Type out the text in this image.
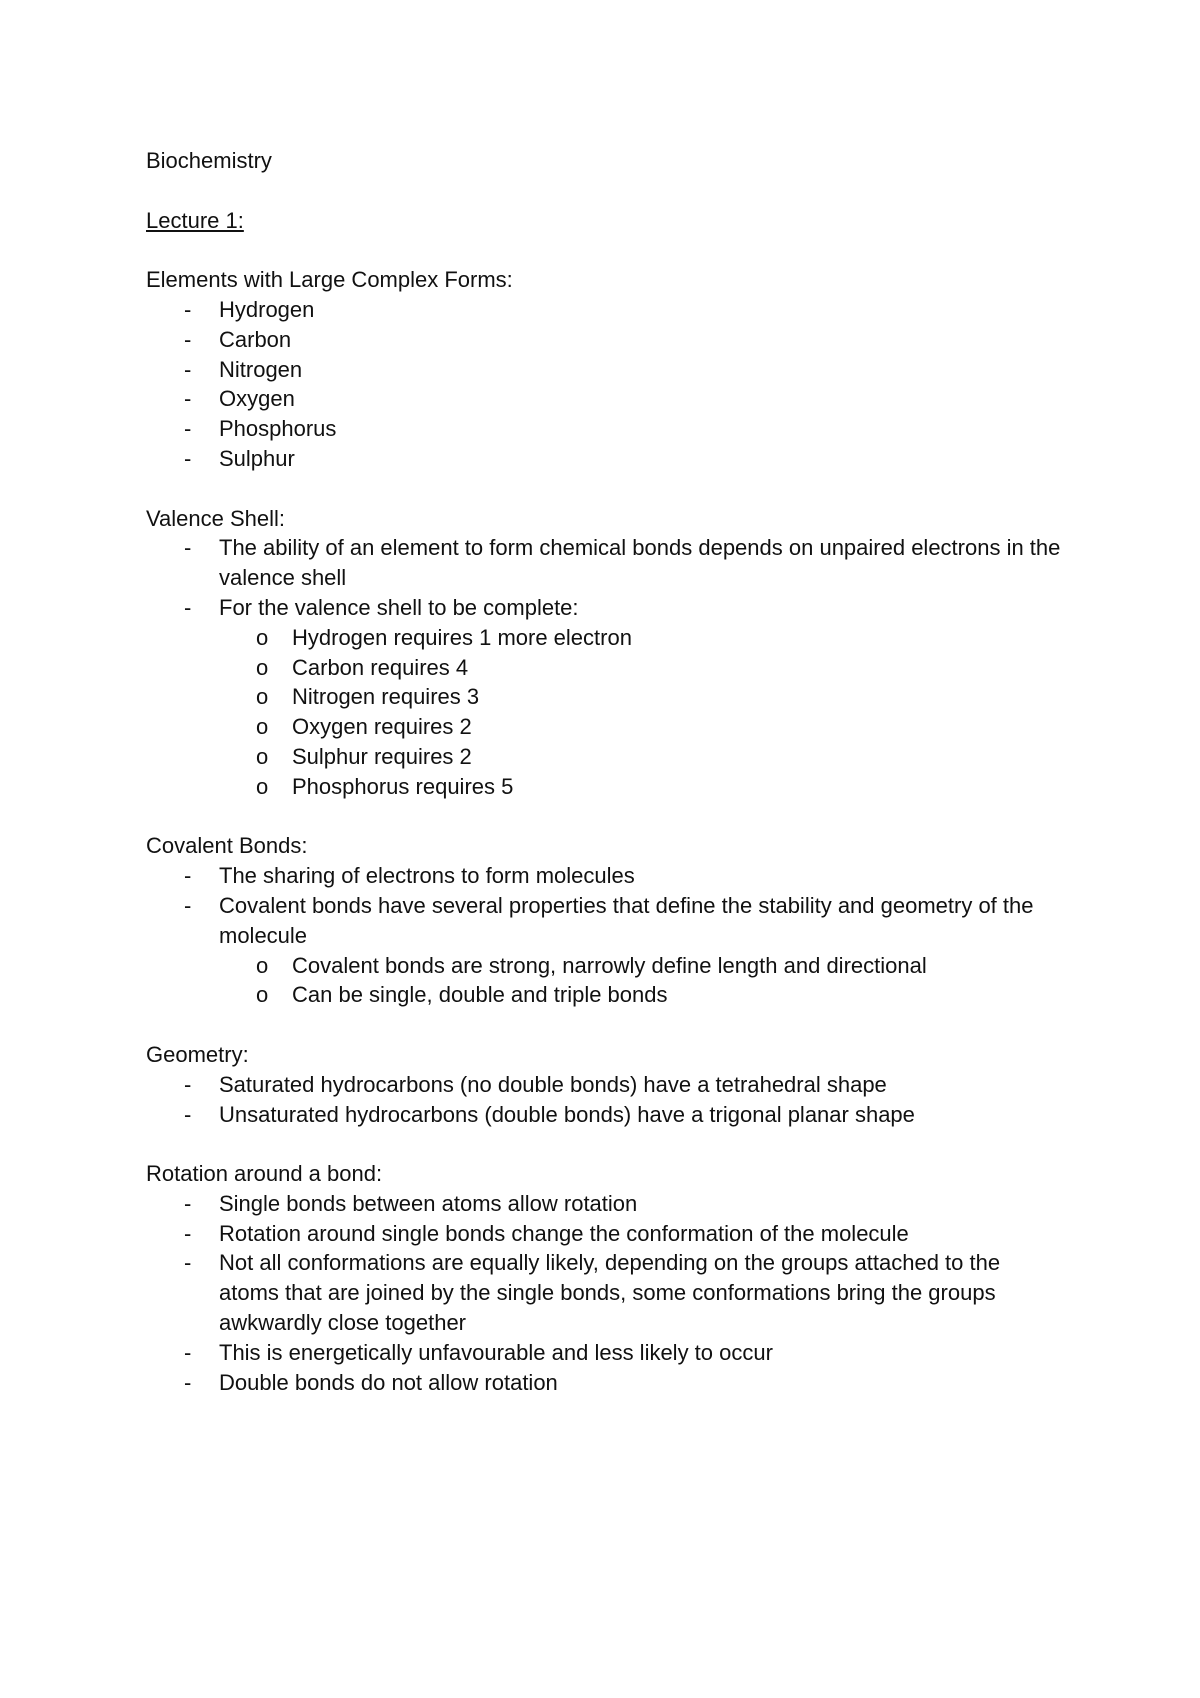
Biochemistry

Lecture 1:

Elements with Large Complex Forms:

- Hydrogen

- Carbon

- Nitrogen

- Oxygen

- Phosphorus

- Sulphur

Valence Shell:

- The ability of an element to form chemical bonds depends on unpaired electrons in the valence shell

- For the valence shell to be complete:

o Hydrogen requires 1 more electron

o Carbon requires 4

o Nitrogen requires 3

o Oxygen requires 2

o Sulphur requires 2

o Phosphorus requires 5

Covalent Bonds:

- The sharing of electrons to form molecules

- Covalent bonds have several properties that define the stability and geometry of the molecule

o Covalent bonds are strong, narrowly define length and directional

o Can be single, double and triple bonds

Geometry:

- Saturated hydrocarbons (no double bonds) have a tetrahedral shape

- Unsaturated hydrocarbons (double bonds) have a trigonal planar shape

Rotation around a bond:

- Single bonds between atoms allow rotation

- Rotation around single bonds change the conformation of the molecule

- Not all conformations are equally likely, depending on the groups attached to the atoms that are joined by the single bonds, some conformations bring the groups awkwardly close together

- This is energetically unfavourable and less likely to occur

- Double bonds do not allow rotation
